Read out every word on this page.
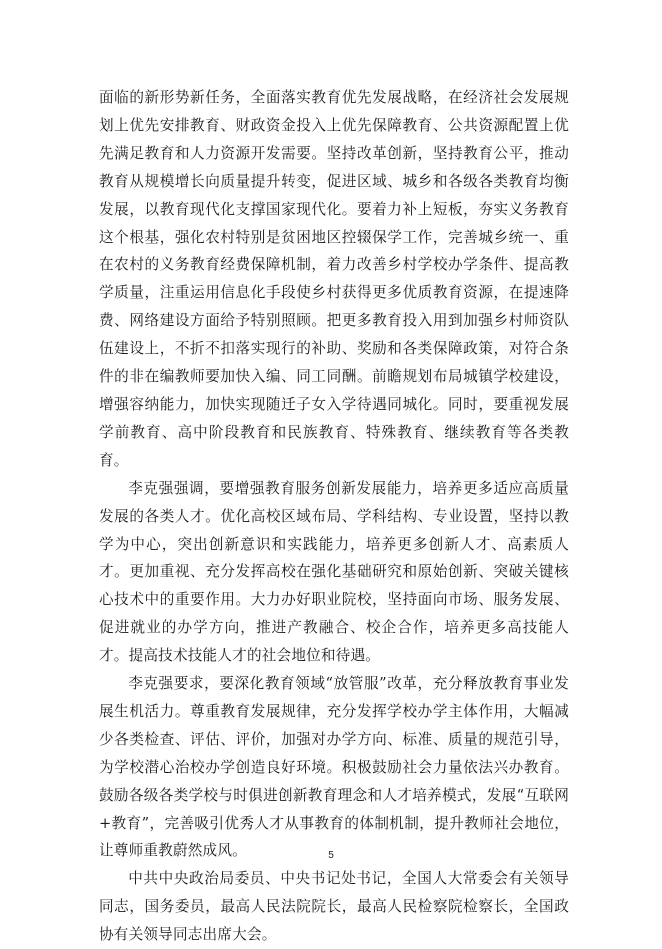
面临的新形势新任务，全面落实教育优先发展战略，在经济社会发展规划上优先安排教育、财政资金投入上优先保障教育、公共资源配置上优先满足教育和人力资源开发需要。坚持改革创新，坚持教育公平，推动教育从规模增长向质量提升转变，促进区域、城乡和各级各类教育均衡发展，以教育现代化支撑国家现代化。要着力补上短板，夯实义务教育这个根基，强化农村特别是贫困地区控辍保学工作，完善城乡统一、重在农村的义务教育经费保障机制，着力改善乡村学校办学条件、提高教学质量，注重运用信息化手段使乡村获得更多优质教育资源，在提速降费、网络建设方面给予特别照顾。把更多教育投入用到加强乡村师资队伍建设上，不折不扣落实现行的补助、奖励和各类保障政策，对符合条件的非在编教师要加快入编、同工同酬。前瞻规划布局城镇学校建设，增强容纳能力，加快实现随迁子女入学待遇同城化。同时，要重视发展学前教育、高中阶段教育和民族教育、特殊教育、继续教育等各类教育。

李克强强调，要增强教育服务创新发展能力，培养更多适应高质量发展的各类人才。优化高校区域布局、学科结构、专业设置，坚持以教学为中心，突出创新意识和实践能力，培养更多创新人才、高素质人才。更加重视、充分发挥高校在强化基础研究和原始创新、突破关键核心技术中的重要作用。大力办好职业院校，坚持面向市场、服务发展、促进就业的办学方向，推进产教融合、校企合作，培养更多高技能人才。提高技术技能人才的社会地位和待遇。

李克强要求，要深化教育领域“放管服”改革，充分释放教育事业发展生机活力。尊重教育发展规律，充分发挥学校办学主体作用，大幅减少各类检查、评估、评价，加强对办学方向、标准、质量的规范引导，为学校潜心治校办学创造良好环境。积极鼓励社会力量依法兴办教育。鼓励各级各类学校与时俱进创新教育理念和人才培养模式，发展“互联网+教育”，完善吸引优秀人才从事教育的体制机制，提升教师社会地位，让尊师重教蔚然成风。

中共中央政治局委员、中央书记处书记，全国人大常委会有关领导同志，国务委员，最高人民法院院长，最高人民检察院检察长，全国政协有关领导同志出席大会。

5
